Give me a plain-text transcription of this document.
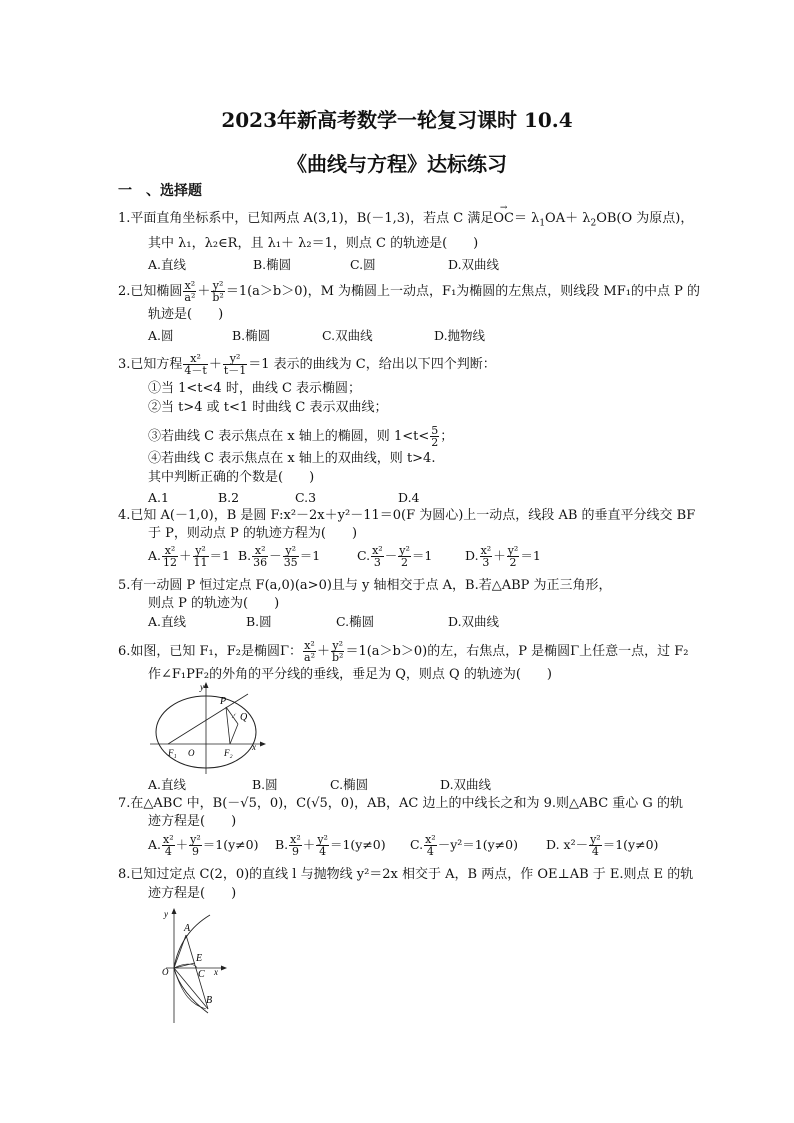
2023年新高考数学一轮复习课时 10.4
《曲线与方程》达标练习
一　、选择题
1.平面直角坐标系中，已知两点 A(3,1)，B(－1,3)，若点 C 满足→ $OC= \lambda_1OA+ \lambda_2OB(O$ 为原点)，
其中 λ₁，λ₂∈R，且 λ₁＋ λ₂＝1，则点 C 的轨迹是(　　)
A.直线	B.椭圆	C.圆	D.双曲线
2.已知椭圆 $\frac{\text{x²}}{\text{a²}} + \frac{\text{y²}}{\text{b²}} =1(a>b>0)$，M 为椭圆上一动点，F₁为椭圆的左焦点，则线段 MF₁的中点 P 的
轨迹是(　　)
A.圆	B.椭圆	C.双曲线	D.抛物线
3.已知方程 $\frac{\text{x²}}{4-t} + \frac{\text{y²}}{t-1} =1$ 表示的曲线为 C，给出以下四个判断：
①当 1<t<4 时，曲线 C 表示椭圆；
②当 t>4 或 t<1 时曲线 C 表示双曲线；
③若曲线 C 表示焦点在 x 轴上的椭圆，则 $1<t< \frac{5}{2}$ ；
④若曲线 C 表示焦点在 x 轴上的双曲线，则 t>4.
其中判断正确的个数是(　　)
A.1	B.2	C.3	D.4
4.已知 A(－1,0)，B 是圆 F:x²－2x＋y²－11＝0(F 为圆心)上一动点，线段 AB 的垂直平分线交 BF
于 P，则动点 P 的轨迹方程为(　　)
A. $\frac{\text{x²}}{12} + \frac{\text{y²}}{11} =1$ B. $\frac{\text{x²}}{36} - \frac{\text{y²}}{35} =1$	C. $\frac{\text{x²}}{3} - \frac{\text{y²}}{2} =1$	D. $\frac{\text{x²}}{3} + \frac{\text{y²}}{2} =1$
5.有一动圆 P 恒过定点 F(a,0)(a>0)且与 y 轴相交于点 A，B.若△ABP 为正三角形，
则点 P 的轨迹为(　　)
A.直线	B.圆	C.椭圆	D.双曲线
6.如图，已知 F₁，F₂是椭圆Γ： $\frac{\text{x²}}{\text{a²}} + \frac{\text{y²}}{\text{b²}} =1(a>b>0)$的左，右焦点，P 是椭圆Γ上任意一点，过 F₂
作∠F₁PF₂的外角的平分线的垂线，垂足为 Q，则点 Q 的轨迹为(　　)
y
P
Q
F₁ O	F₂
x
A.直线	B.圆	C.椭圆	D.双曲线
7.在△ABC 中，B(－√5，0)，C(√5，0)，AB，AC 边上的中线长之和为 9.则△ABC 重心 G 的轨
迹方程是(　　)
A. $\frac{\text{x²}}{4} + \frac{\text{y²}}{9} =1(y\ne 0)$ B. $\frac{\text{x²}}{9} + \frac{\text{y²}}{4} =1(y\ne 0)$ C. $\frac{\text{x²}}{4} -y^2=1(y\ne 0)$ D. $x^2- \frac{\text{y²}}{4} =1(y\ne 0)$
8.已知过定点 C(2，0)的直线 l 与抛物线 y²＝2x 相交于 A，B 两点，作 OE⊥AB 于 E.则点 E 的轨
迹方程是(　　)
y
A
E
O	C x
B
